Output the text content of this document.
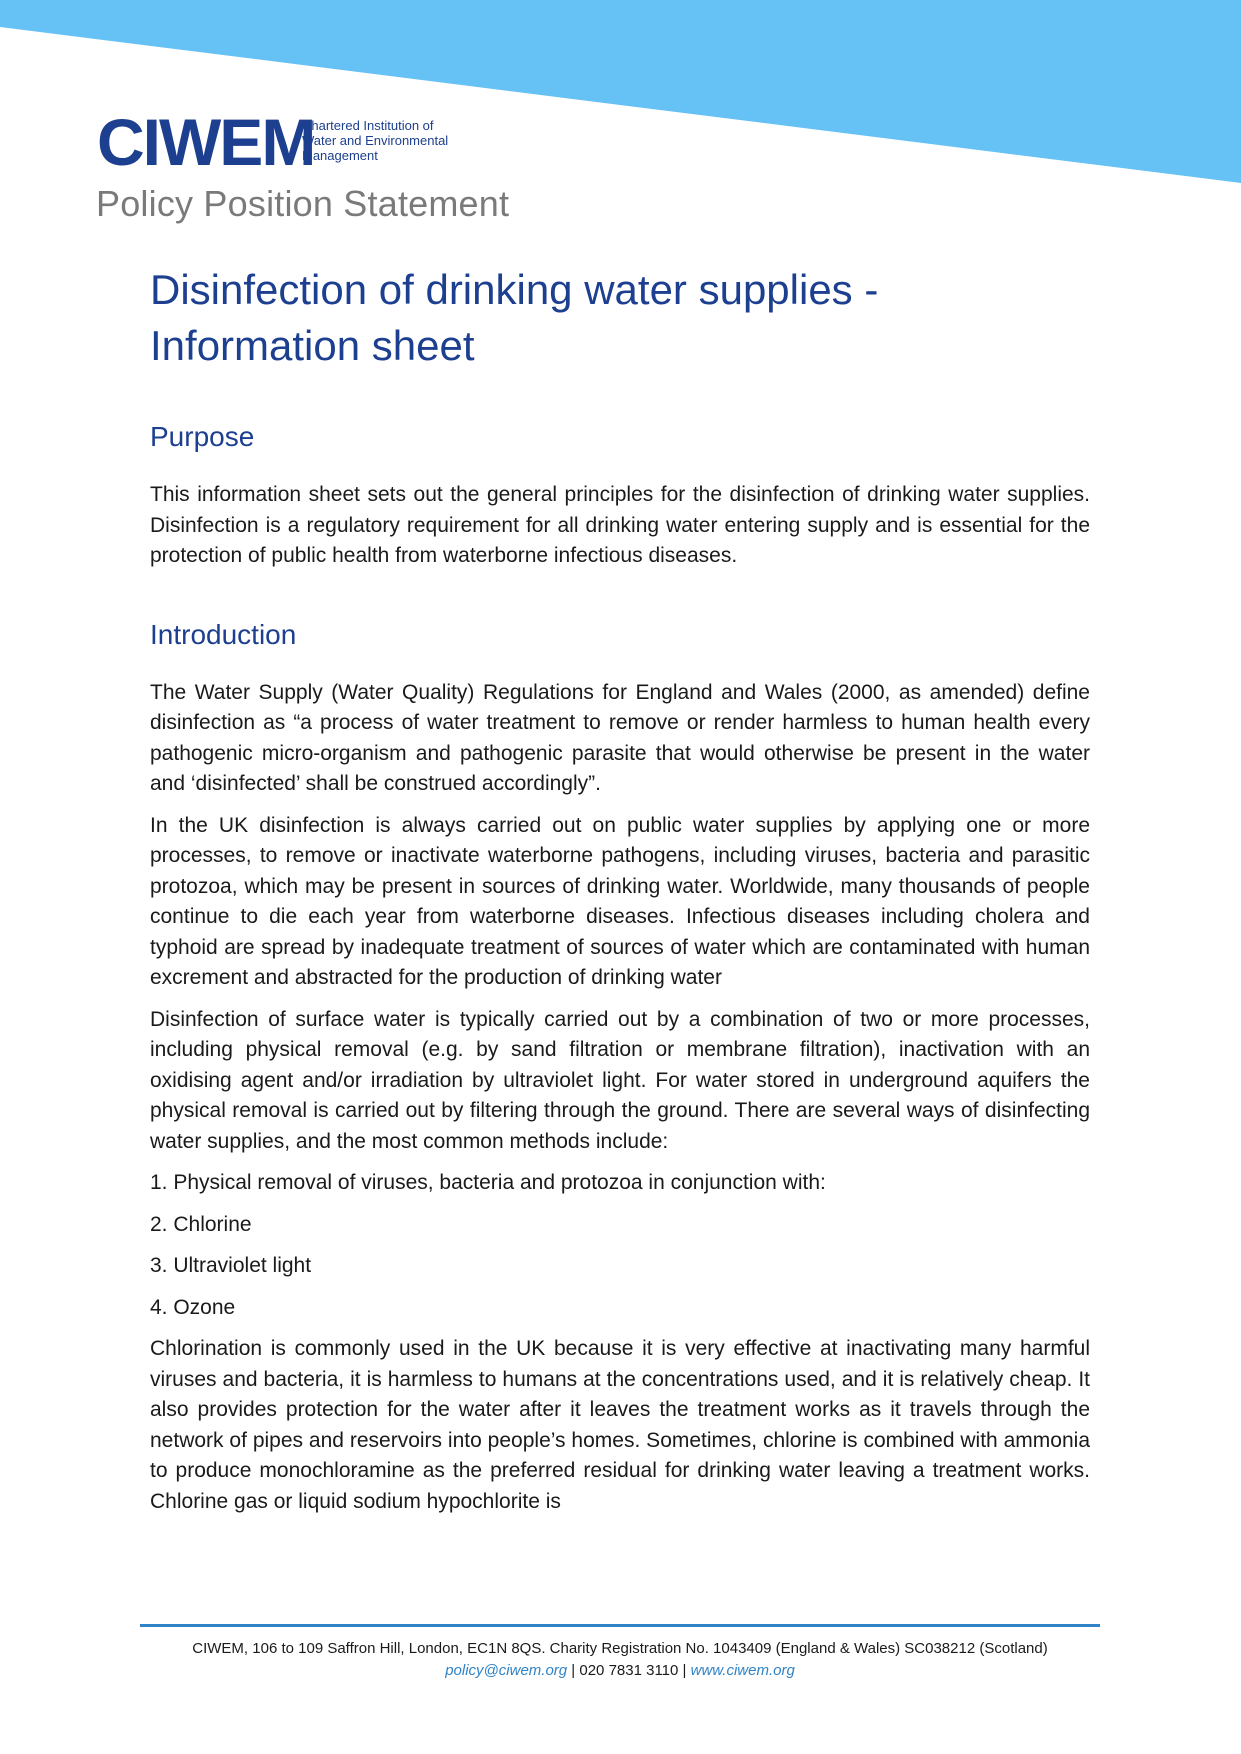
CIWEM
Chartered Institution of
Water and Environmental
Management
Policy Position Statement
Disinfection of drinking water supplies - Information sheet
Purpose

This information sheet sets out the general principles for the disinfection of drinking water supplies. Disinfection is a regulatory requirement for all drinking water entering supply and is essential for the protection of public health from waterborne infectious diseases.

Introduction

The Water Supply (Water Quality) Regulations for England and Wales (2000, as amended) define disinfection as “a process of water treatment to remove or render harmless to human health every pathogenic micro-organism and pathogenic parasite that would otherwise be present in the water and ‘disinfected’ shall be construed accordingly”.

In the UK disinfection is always carried out on public water supplies by applying one or more processes, to remove or inactivate waterborne pathogens, including viruses, bacteria and parasitic protozoa, which may be present in sources of drinking water. Worldwide, many thousands of people continue to die each year from waterborne diseases. Infectious diseases including cholera and typhoid are spread by inadequate treatment of sources of water which are contaminated with human excrement and abstracted for the production of drinking water

Disinfection of surface water is typically carried out by a combination of two or more processes, including physical removal (e.g. by sand filtration or membrane filtration), inactivation with an oxidising agent and/or irradiation by ultraviolet light. For water stored in underground aquifers the physical removal is carried out by filtering through the ground. There are several ways of disinfecting water supplies, and the most common methods include:

1. Physical removal of viruses, bacteria and protozoa in conjunction with:
2. Chlorine
3. Ultraviolet light
4. Ozone

Chlorination is commonly used in the UK because it is very effective at inactivating many harmful viruses and bacteria, it is harmless to humans at the concentrations used, and it is relatively cheap. It also provides protection for the water after it leaves the treatment works as it travels through the network of pipes and reservoirs into people’s homes. Sometimes, chlorine is combined with ammonia to produce monochloramine as the preferred residual for drinking water leaving a treatment works. Chlorine gas or liquid sodium hypochlorite is

CIWEM, 106 to 109 Saffron Hill, London, EC1N 8QS. Charity Registration No. 1043409 (England & Wales) SC038212 (Scotland)
policy@ciwem.org | 020 7831 3110 | www.ciwem.org
